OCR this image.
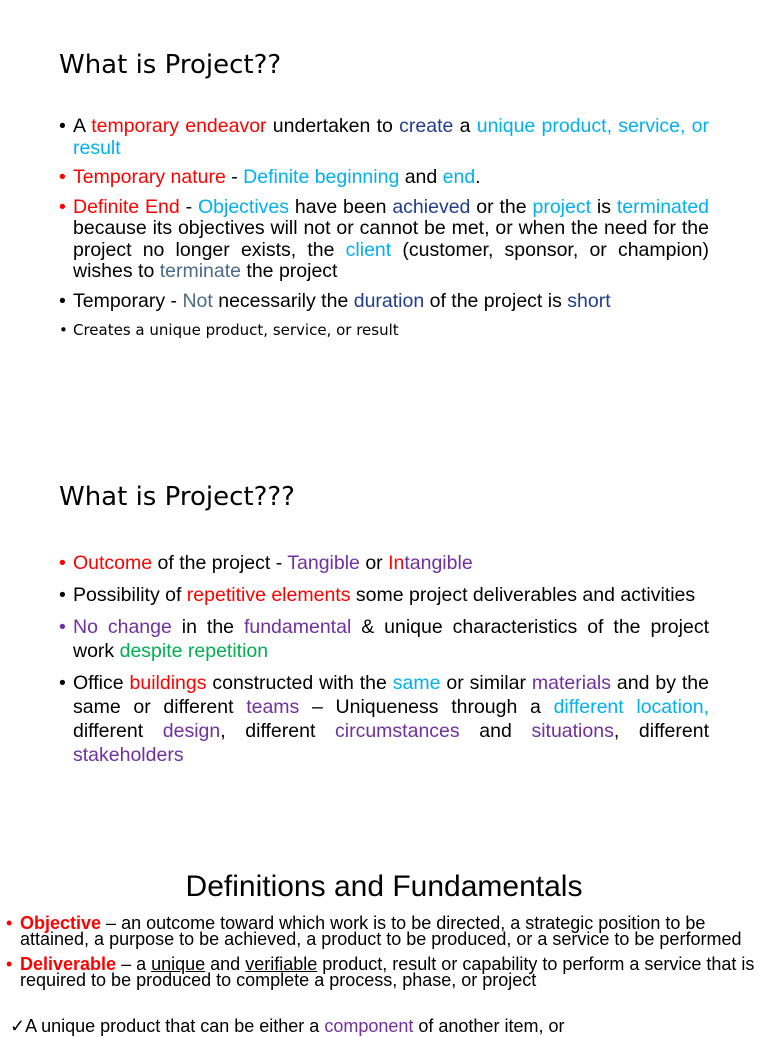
What is Project??
• A temporary endeavor undertaken to create a unique product, service, or result
• Temporary nature - Definite beginning and end.
• Definite End - Objectives have been achieved or the project is terminated because its objectives will not or cannot be met, or when the need for the project no longer exists, the client (customer, sponsor, or champion) wishes to terminate the project
• Temporary - Not necessarily the duration of the project is short
• Creates a unique product, service, or result
What is Project???
• Outcome of the project - Tangible or Intangible
• Possibility of repetitive elements some project deliverables and activities
• No change in the fundamental & unique characteristics of the project work despite repetition
• Office buildings constructed with the same or similar materials and by the same or different teams – Uniqueness through a different location, different design, different circumstances and situations, different stakeholders
Definitions and Fundamentals
• Objective – an outcome toward which work is to be directed, a strategic position to be attained, a purpose to be achieved, a product to be produced, or a service to be performed
• Deliverable – a unique and verifiable product, result or capability to perform a service that is required to be produced to complete a process, phase, or project
✓A unique product that can be either a component of another item, or
